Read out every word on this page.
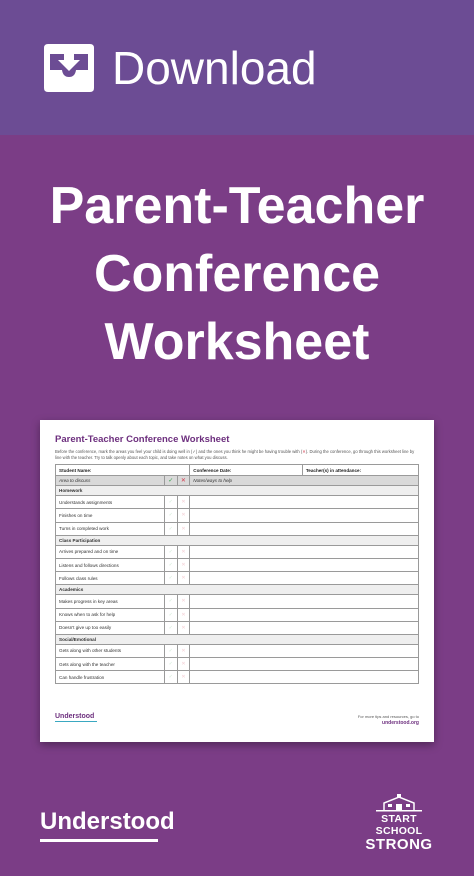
Download
Parent-Teacher
Conference
Worksheet
Parent-Teacher Conference Worksheet
Before the conference, mark the areas you feel your child is doing well in (✓) and the ones you think he might be having trouble with (✕). During the conference, go through this worksheet line by line with the teacher. Try to talk openly about each topic, and take notes on what you discuss.
Student Name:			Conference Date:	Teacher(s) in attendance:
Area to discuss	✓	✕	Notes/ways to help	
Homework				
Understands assignments	✓	✕		
Finishes on time	✓	✕		
Turns in completed work	✓	✕		
Class Participation				
Arrives prepared and on time	✓	✕		
Listens and follows directions	✓	✕		
Follows class rules	✓	✕		
Academics				
Makes progress in key areas	✓	✕		
Knows when to ask for help	✓	✕		
Doesn't give up too easily	✓	✕		
Social/Emotional				
Gets along with other students	✓	✕		
Gets along with the teacher	✓	✕		
Can handle frustration	✓	✕		
Understood	For more tips and resources, go to
understood.org
Understood	START SCHOOL
STRONG
